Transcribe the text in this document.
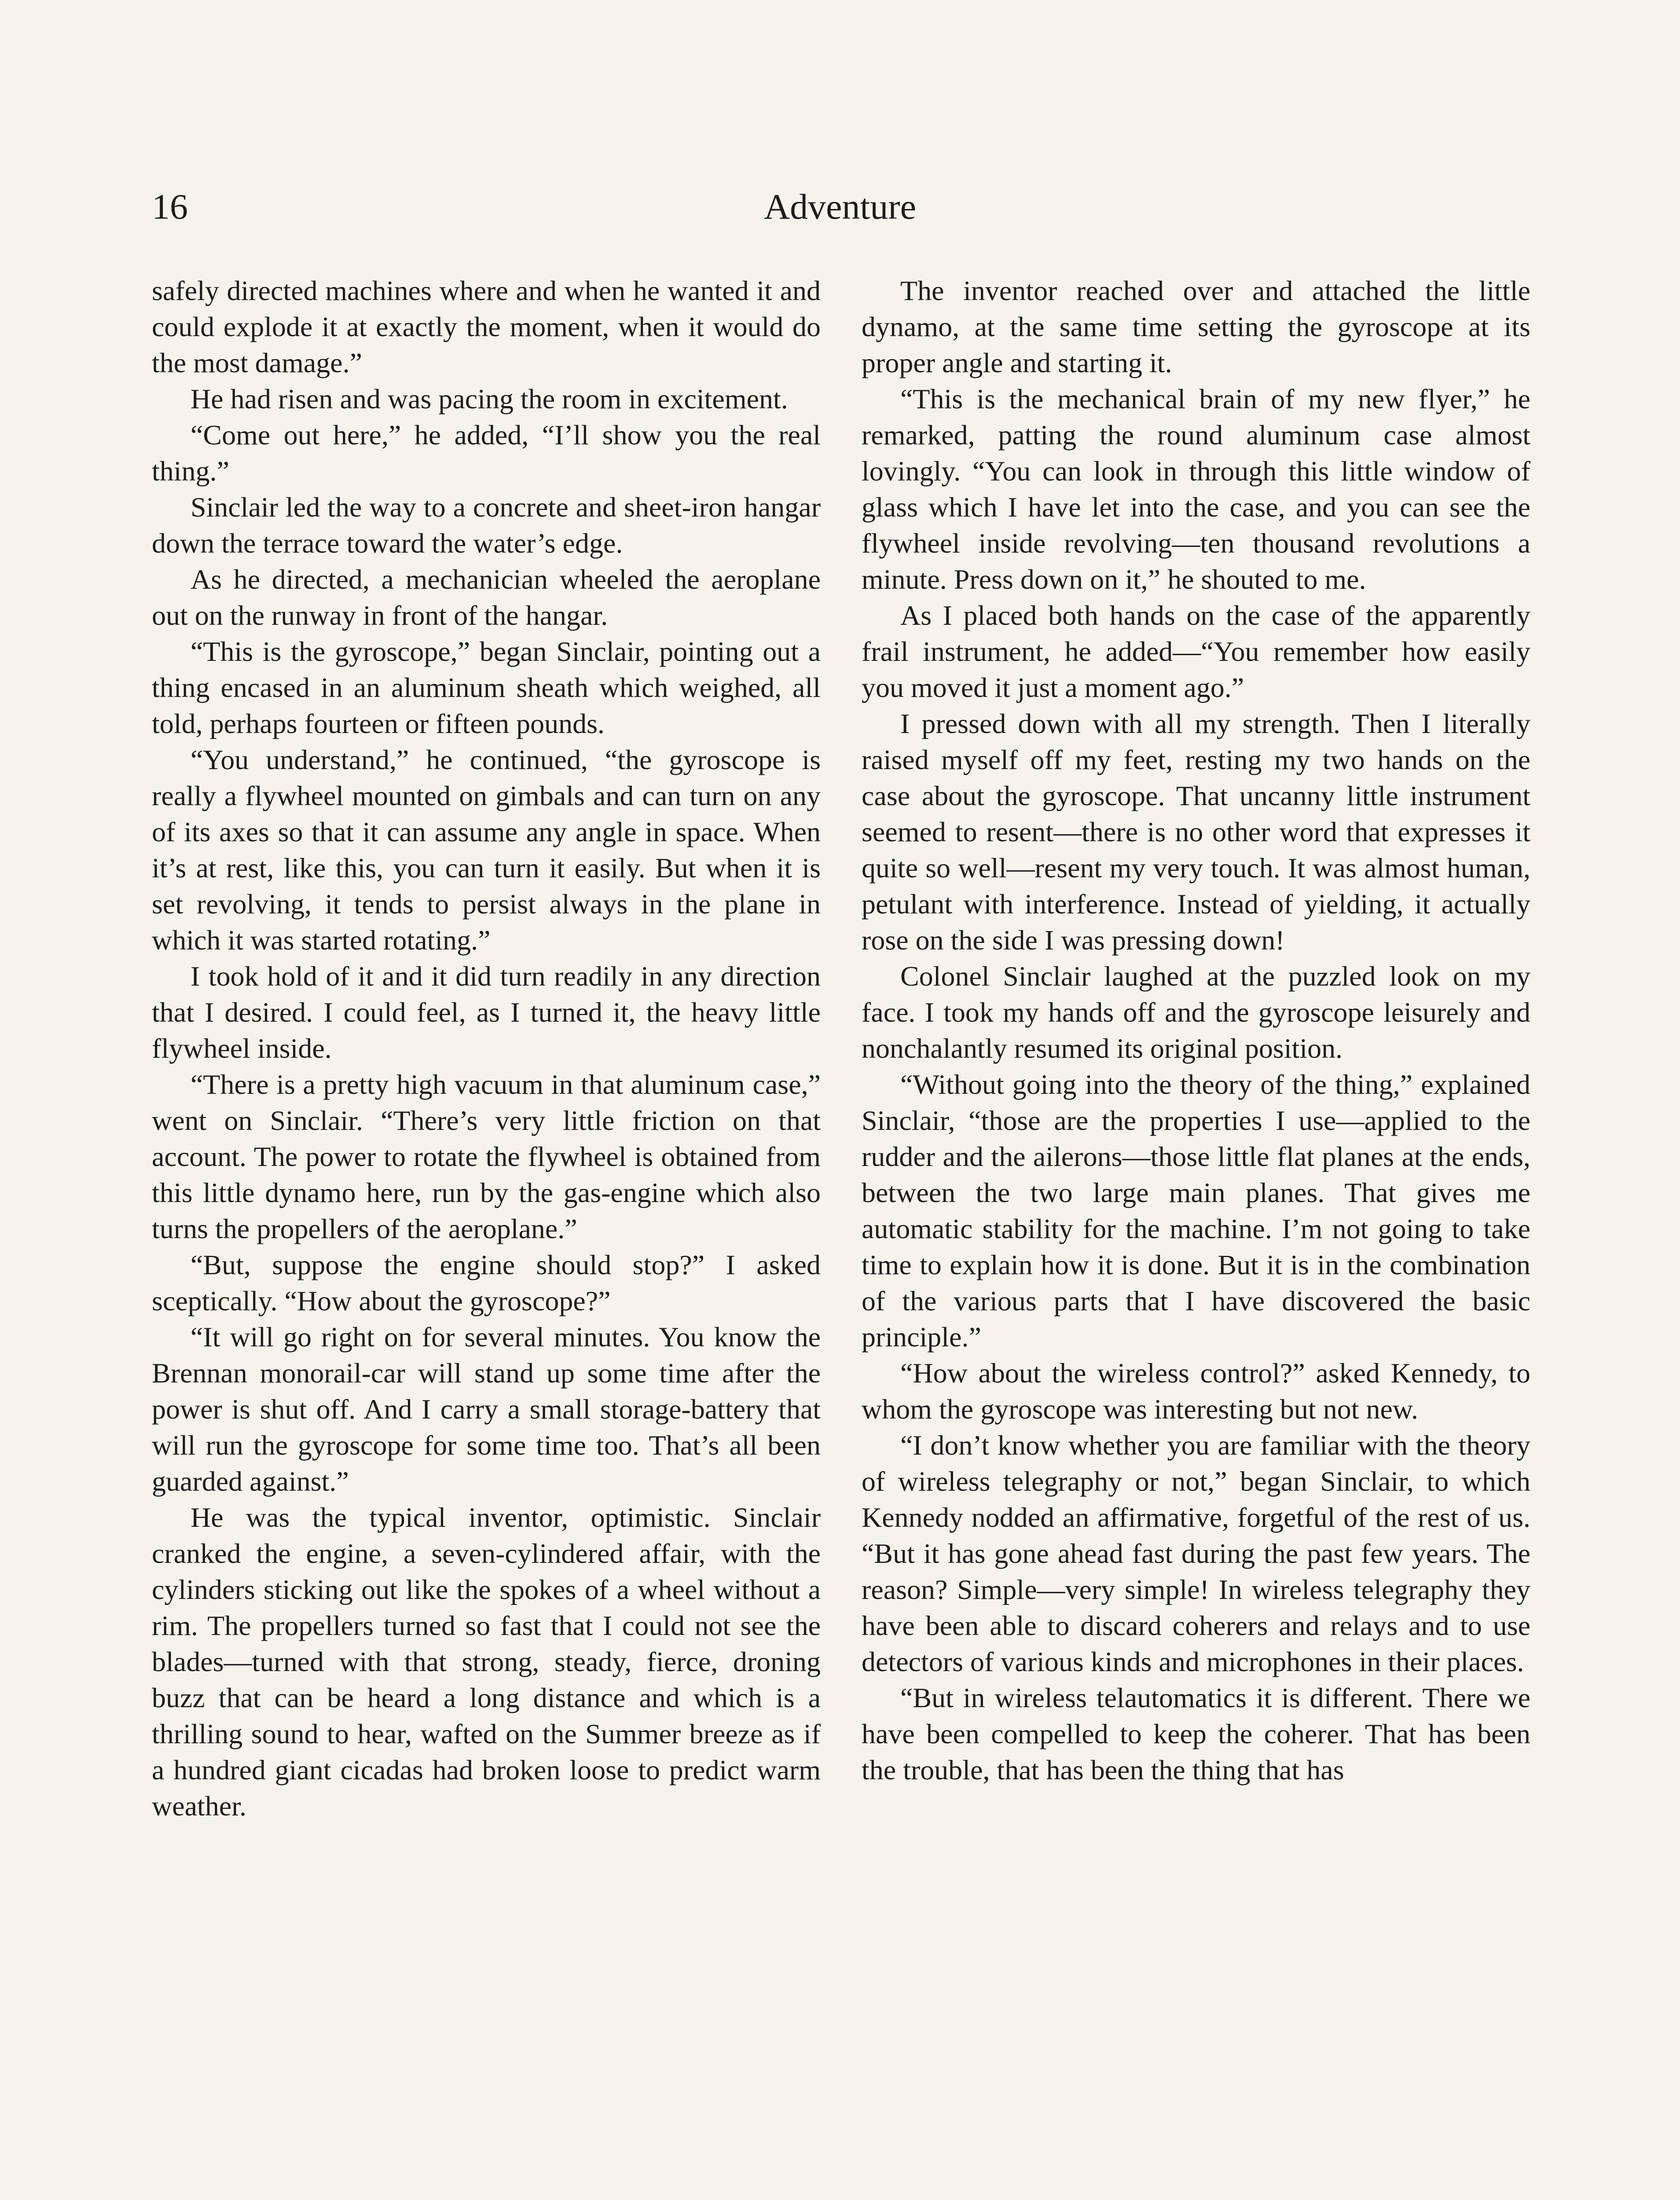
16	Adventure

safely directed machines where and when he wanted it and could explode it at exactly the moment, when it would do the most damage.”

He had risen and was pacing the room in excitement.

“Come out here,” he added, “I’ll show you the real thing.”

Sinclair led the way to a concrete and sheet-iron hangar down the terrace toward the water’s edge.

As he directed, a mechanician wheeled the aeroplane out on the runway in front of the hangar.

“This is the gyroscope,” began Sinclair, pointing out a thing encased in an aluminum sheath which weighed, all told, perhaps fourteen or fifteen pounds.

“You understand,” he continued, “the gyroscope is really a flywheel mounted on gimbals and can turn on any of its axes so that it can assume any angle in space. When it’s at rest, like this, you can turn it easily. But when it is set revolving, it tends to persist always in the plane in which it was started rotating.”

I took hold of it and it did turn readily in any direction that I desired. I could feel, as I turned it, the heavy little flywheel inside.

“There is a pretty high vacuum in that aluminum case,” went on Sinclair. “There’s very little friction on that account. The power to rotate the flywheel is obtained from this little dynamo here, run by the gas-engine which also turns the propellers of the aeroplane.”

“But, suppose the engine should stop?” I asked sceptically. “How about the gyroscope?”

“It will go right on for several minutes. You know the Brennan monorail-car will stand up some time after the power is shut off. And I carry a small storage-battery that will run the gyroscope for some time too. That’s all been guarded against.”

He was the typical inventor, optimistic. Sinclair cranked the engine, a seven-cylindered affair, with the cylinders sticking out like the spokes of a wheel without a rim. The propellers turned so fast that I could not see the blades—turned with that strong, steady, fierce, droning buzz that can be heard a long distance and which is a thrilling sound to hear, wafted on the Summer breeze as if a hundred giant cicadas had broken loose to predict warm weather.

The inventor reached over and attached the little dynamo, at the same time setting the gyroscope at its proper angle and starting it.

“This is the mechanical brain of my new flyer,” he remarked, patting the round aluminum case almost lovingly. “You can look in through this little window of glass which I have let into the case, and you can see the flywheel inside revolving—ten thousand revolutions a minute. Press down on it,” he shouted to me.

As I placed both hands on the case of the apparently frail instrument, he added—“You remember how easily you moved it just a moment ago.”

I pressed down with all my strength. Then I literally raised myself off my feet, resting my two hands on the case about the gyroscope. That uncanny little instrument seemed to resent—there is no other word that expresses it quite so well—resent my very touch. It was almost human, petulant with interference. Instead of yielding, it actually rose on the side I was pressing down!

Colonel Sinclair laughed at the puzzled look on my face. I took my hands off and the gyroscope leisurely and nonchalantly resumed its original position.

“Without going into the theory of the thing,” explained Sinclair, “those are the properties I use—applied to the rudder and the ailerons—those little flat planes at the ends, between the two large main planes. That gives me automatic stability for the machine. I’m not going to take time to explain how it is done. But it is in the combination of the various parts that I have discovered the basic principle.”

“How about the wireless control?” asked Kennedy, to whom the gyroscope was interesting but not new.

“I don’t know whether you are familiar with the theory of wireless telegraphy or not,” began Sinclair, to which Kennedy nodded an affirmative, forgetful of the rest of us. “But it has gone ahead fast during the past few years. The reason? Simple—very simple! In wireless telegraphy they have been able to discard coherers and relays and to use detectors of various kinds and microphones in their places.

“But in wireless telautomatics it is different. There we have been compelled to keep the coherer. That has been the trouble, that has been the thing that has
